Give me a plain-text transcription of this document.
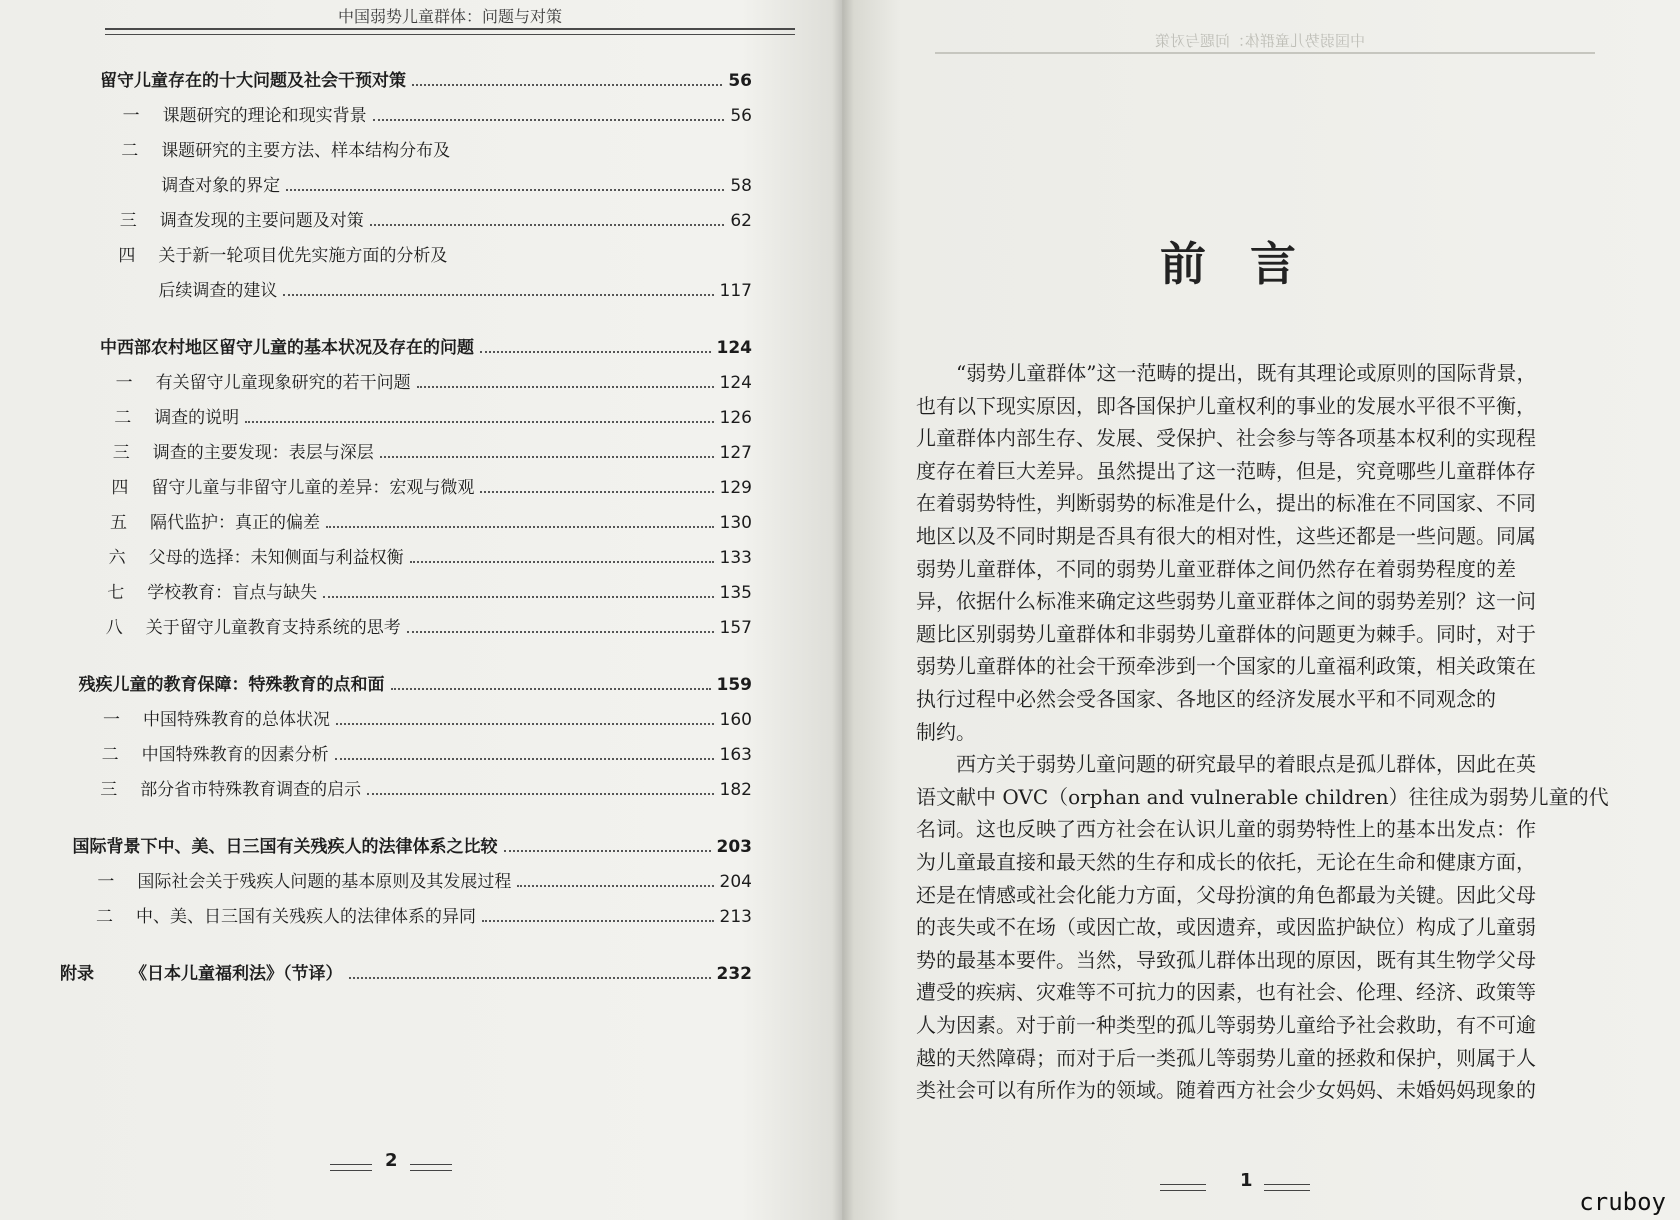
中国弱势儿童群体：问题与对策
留守儿童存在的十大问题及社会干预对策	56
一	课题研究的理论和现实背景	56
二	课题研究的主要方法、样本结构分布及
调查对象的界定	58
三	调查发现的主要问题及对策	62
四	关于新一轮项目优先实施方面的分析及
后续调查的建议	117
中西部农村地区留守儿童的基本状况及存在的问题	124
一	有关留守儿童现象研究的若干问题	124
二	调查的说明	126
三	调查的主要发现：表层与深层	127
四	留守儿童与非留守儿童的差异：宏观与微观	129
五	隔代监护：真正的偏差	130
六	父母的选择：未知侧面与利益权衡	133
七	学校教育：盲点与缺失	135
八	关于留守儿童教育支持系统的思考	157
残疾儿童的教育保障：特殊教育的点和面	159
一	中国特殊教育的总体状况	160
二	中国特殊教育的因素分析	163
三	部分省市特殊教育调查的启示	182
国际背景下中、美、日三国有关残疾人的法律体系之比较	203
一	国际社会关于残疾人问题的基本原则及其发展过程	204
二	中、美、日三国有关残疾人的法律体系的异同	213
附录	《日本儿童福利法》（节译）	232
2
中国弱势儿童群体：问题与对策
前言
“弱势儿童群体”这一范畴的提出，既有其理论或原则的国际背景，
也有以下现实原因，即各国保护儿童权利的事业的发展水平很不平衡，
儿童群体内部生存、发展、受保护、社会参与等各项基本权利的实现程
度存在着巨大差异。虽然提出了这一范畴，但是，究竟哪些儿童群体存
在着弱势特性，判断弱势的标准是什么，提出的标准在不同国家、不同
地区以及不同时期是否具有很大的相对性，这些还都是一些问题。同属
弱势儿童群体，不同的弱势儿童亚群体之间仍然存在着弱势程度的差
异，依据什么标准来确定这些弱势儿童亚群体之间的弱势差别？这一问
题比区别弱势儿童群体和非弱势儿童群体的问题更为棘手。同时，对于
弱势儿童群体的社会干预牵涉到一个国家的儿童福利政策，相关政策在
执行过程中必然会受各国家、各地区的经济发展水平和不同观念的
制约。
西方关于弱势儿童问题的研究最早的着眼点是孤儿群体，因此在英
语文献中 OVC（orphan and vulnerable children）往往成为弱势儿童的代
名词。这也反映了西方社会在认识儿童的弱势特性上的基本出发点：作
为儿童最直接和最天然的生存和成长的依托，无论在生命和健康方面，
还是在情感或社会化能力方面，父母扮演的角色都最为关键。因此父母
的丧失或不在场（或因亡故，或因遗弃，或因监护缺位）构成了儿童弱
势的最基本要件。当然，导致孤儿群体出现的原因，既有其生物学父母
遭受的疾病、灾难等不可抗力的因素，也有社会、伦理、经济、政策等
人为因素。对于前一种类型的孤儿等弱势儿童给予社会救助，有不可逾
越的天然障碍；而对于后一类孤儿等弱势儿童的拯救和保护，则属于人
类社会可以有所作为的领域。随着西方社会少女妈妈、未婚妈妈现象的
1
cruboy
